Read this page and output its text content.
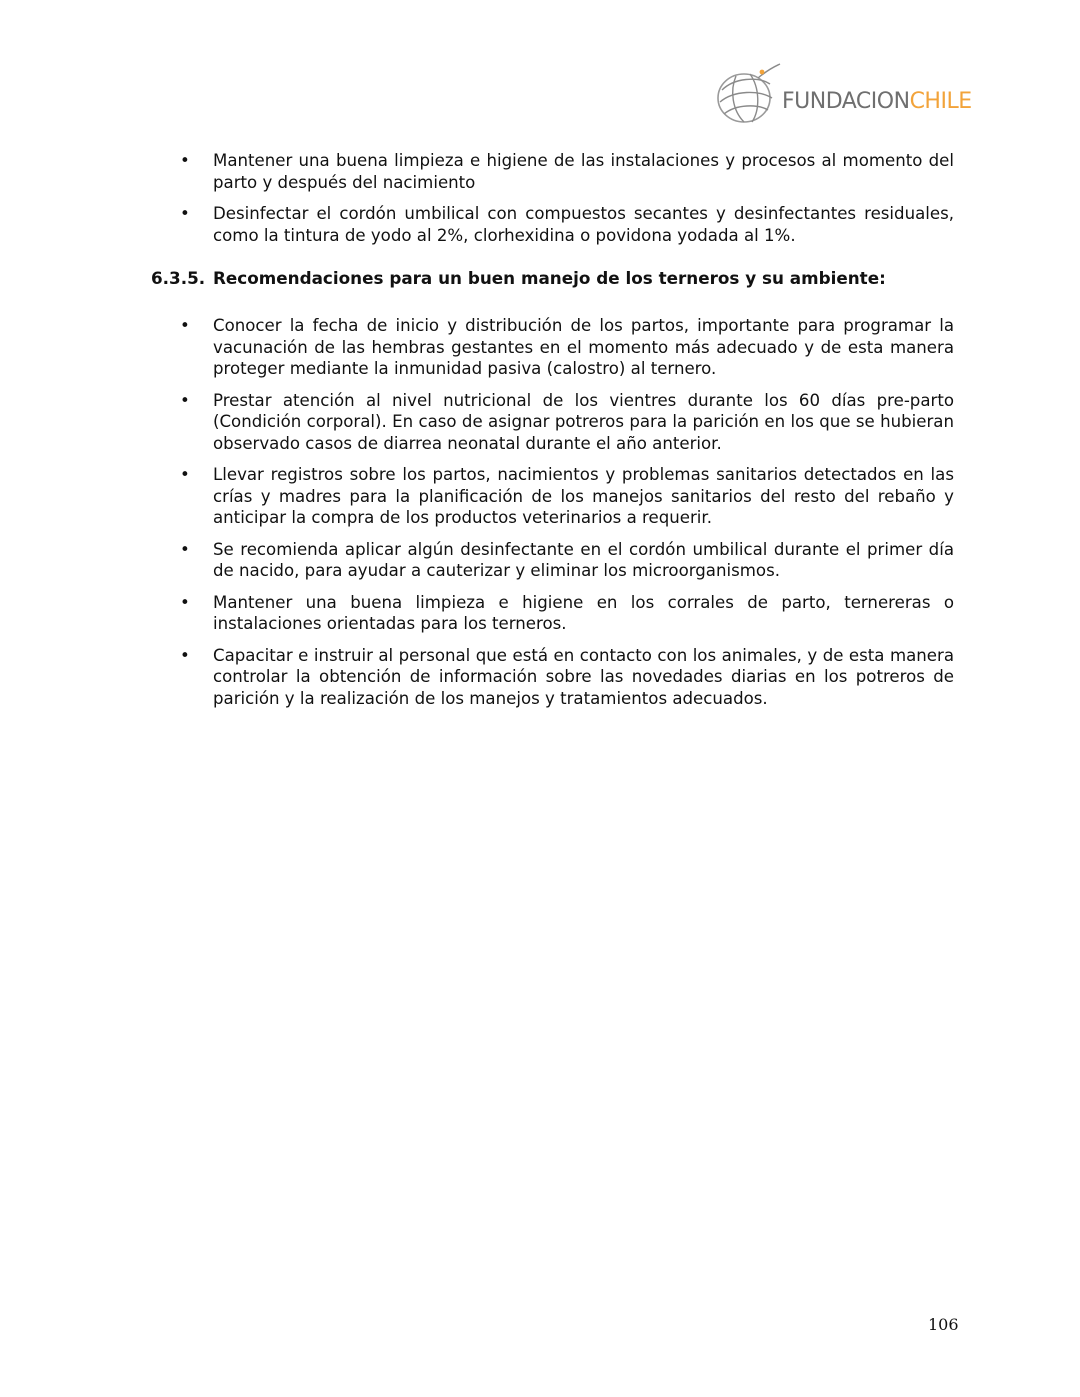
FUNDACIONCHILE
• Mantener una buena limpieza e higiene de las instalaciones y procesos al momento del parto y después del nacimiento
• Desinfectar el cordón umbilical con compuestos secantes y desinfectantes residuales, como la tintura de yodo al 2%, clorhexidina o povidona yodada al 1%.
6.3.5. Recomendaciones para un buen manejo de los terneros y su ambiente:
• Conocer la fecha de inicio y distribución de los partos, importante para programar la vacunación de las hembras gestantes en el momento más adecuado y de esta manera proteger mediante la inmunidad pasiva (calostro) al ternero.
• Prestar atención al nivel nutricional de los vientres durante los 60 días pre-parto (Condición corporal). En caso de asignar potreros para la parición en los que se hubieran observado casos de diarrea neonatal durante el año anterior.
• Llevar registros sobre los partos, nacimientos y problemas sanitarios detectados en las crías y madres para la planificación de los manejos sanitarios del resto del rebaño y anticipar la compra de los productos veterinarios a requerir.
• Se recomienda aplicar algún desinfectante en el cordón umbilical durante el primer día de nacido, para ayudar a cauterizar y eliminar los microorganismos.
• Mantener una buena limpieza e higiene en los corrales de parto, ternereras o instalaciones orientadas para los terneros.
• Capacitar e instruir al personal que está en contacto con los animales, y de esta manera controlar la obtención de información sobre las novedades diarias en los potreros de parición y la realización de los manejos y tratamientos adecuados.
106
